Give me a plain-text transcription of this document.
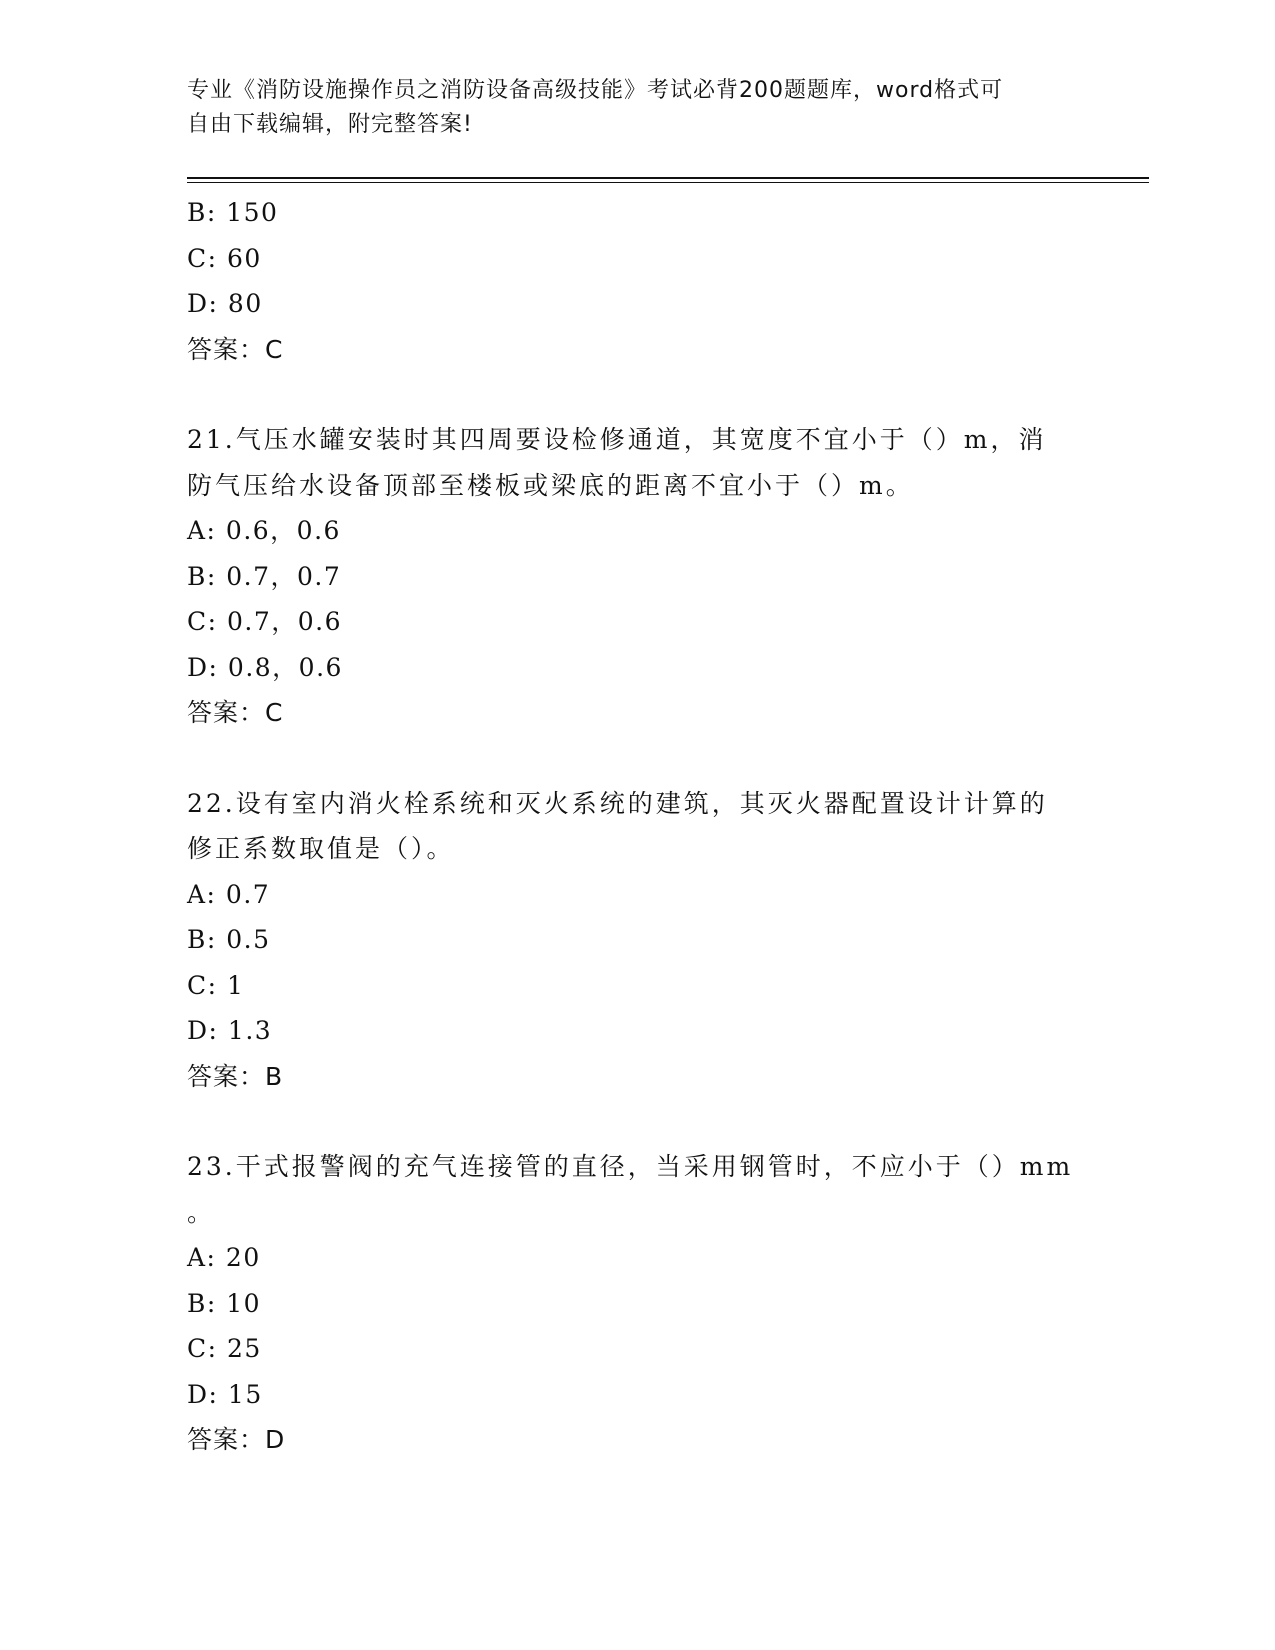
专业《消防设施操作员之消防设备高级技能》考试必背200题题库，word格式可
自由下载编辑，附完整答案!

B: 150

C: 60

D: 80

答案：C

21.气压水罐安装时其四周要设检修通道，其宽度不宜小于（）m，消

防气压给水设备顶部至楼板或梁底的距离不宜小于（）m。

A: 0.6，0.6

B: 0.7，0.7

C: 0.7，0.6

D: 0.8，0.6

答案：C

22.设有室内消火栓系统和灭火系统的建筑，其灭火器配置设计计算的

修正系数取值是（）。

A: 0.7

B: 0.5

C: 1

D: 1.3

答案：B

23.干式报警阀的充气连接管的直径，当采用钢管时，不应小于（）mm

。

A: 20

B: 10

C: 25

D: 15

答案：D
